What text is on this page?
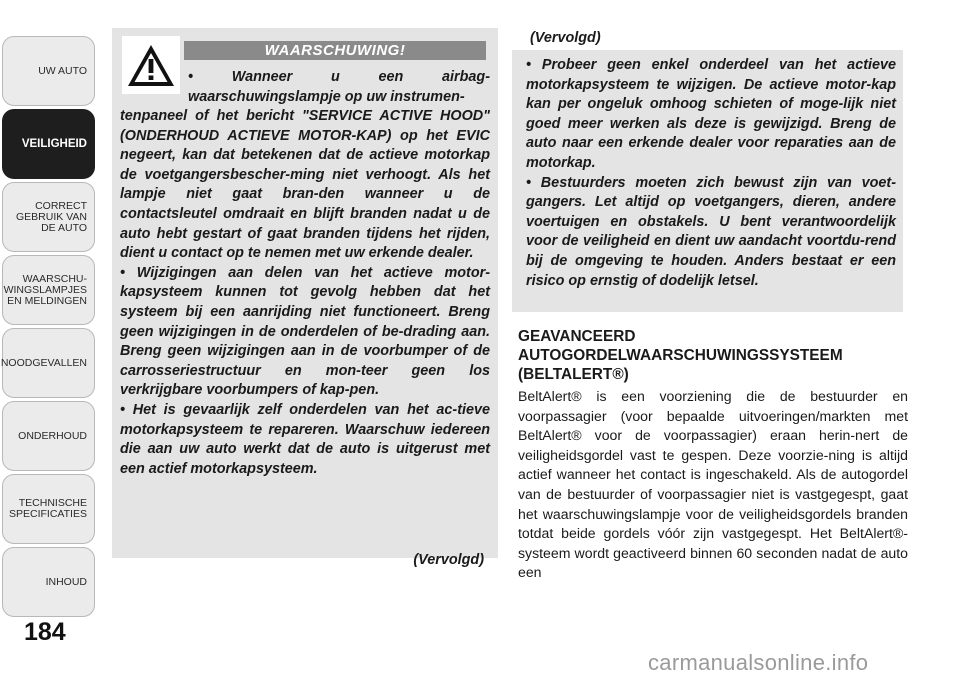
UW AUTO
VEILIGHEID
CORRECT
GEBRUIK VAN
DE AUTO
WAARSCHU-
WINGSLAMPJES
EN MELDINGEN
NOODGEVALLEN
ONDERHOUD
TECHNISCHE
SPECIFICATIES
INHOUD
184
WAARSCHUWING!

• Wanneer u een airbag-

waarschuwingslampje op uw instrumen-

tenpaneel of het bericht "SERVICE ACTIVE HOOD" (ONDERHOUD ACTIEVE MOTOR-KAP) op het EVIC negeert, kan dat betekenen dat de actieve motorkap de voetgangersbescher-ming niet verhoogt. Als het lampje niet gaat bran-den wanneer u de contactsleutel omdraait en blijft branden nadat u de auto hebt gestart of gaat branden tijdens het rijden, dient u contact op te nemen met uw erkende dealer.

• Wijzigingen aan delen van het actieve motor-kapsysteem kunnen tot gevolg hebben dat het systeem bij een aanrijding niet functioneert. Breng geen wijzigingen in de onderdelen of be-drading aan. Breng geen wijzigingen aan in de voorbumper of de carrosseriestructuur en mon-teer geen los verkrijgbare voorbumpers of kap-pen.

• Het is gevaarlijk zelf onderdelen van het ac-tieve motorkapsysteem te repareren. Waarschuw iedereen die aan uw auto werkt dat de auto is uitgerust met een actief motorkapsysteem.

(Vervolgd)
(Vervolgd)

• Probeer geen enkel onderdeel van het actieve motorkapsysteem te wijzigen. De actieve motor-kap kan per ongeluk omhoog schieten of moge-lijk niet goed meer werken als deze is gewijzigd. Breng de auto naar een erkende dealer voor reparaties aan de motorkap.

• Bestuurders moeten zich bewust zijn van voet-gangers. Let altijd op voetgangers, dieren, andere voertuigen en obstakels. U bent verantwoordelijk voor de veiligheid en dient uw aandacht voortdu-rend bij de omgeving te houden. Anders bestaat er een risico op ernstig of dodelijk letsel.

GEAVANCEERD AUTOGORDELWAARSCHUWINGSSYSTEEM (BELTALERT®)

BeltAlert® is een voorziening die de bestuurder en voorpassagier (voor bepaalde uitvoeringen/markten met BeltAlert® voor de voorpassagier) eraan herin-nert de veiligheidsgordel vast te gespen. Deze voorzie-ning is altijd actief wanneer het contact is ingeschakeld. Als de autogordel van de bestuurder of voorpassagier niet is vastgegespt, gaat het waarschuwingslampje voor de veiligheidsgordels branden totdat beide gordels vóór zijn vastgegespt. Het BeltAlert®-systeem wordt geactiveerd binnen 60 seconden nadat de auto een

carmanualsonline.info
